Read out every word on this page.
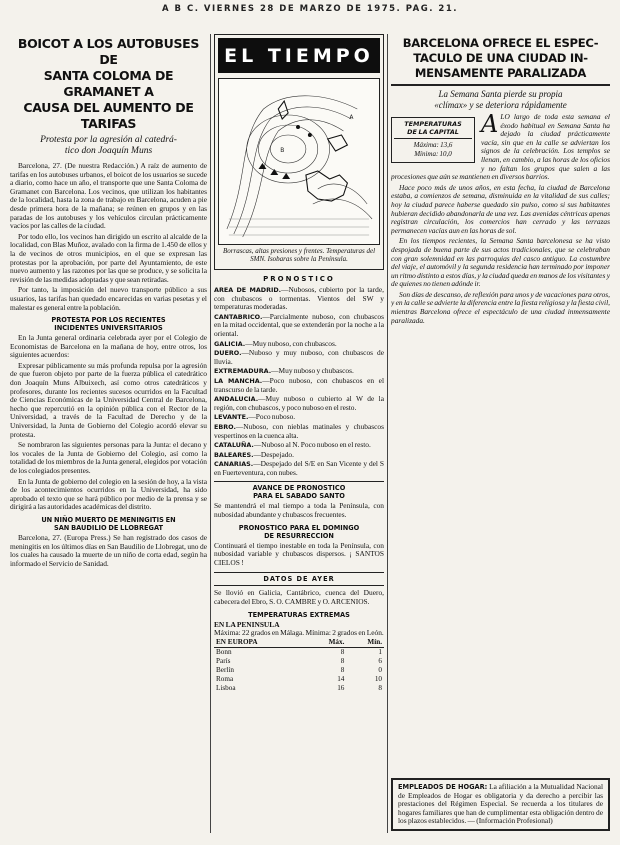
A B C. VIERNES 28 DE MARZO DE 1975. PAG. 21.
BOICOT A LOS AUTOBUSES DE
SANTA COLOMA DE GRAMANET A
CAUSA DEL AUMENTO DE TARIFAS
Protesta por la agresión al catedrá-
tico don Joaquín Muns

Barcelona, 27. (De nuestra Redacción.) A raíz de aumento de tarifas en los autobuses urbanos, el boicot de los usuarios se sucede a diario, como hace un año, el transporte que une Santa Coloma de Gramanet con Barcelona. Los vecinos, que utilizan los habitantes de la localidad, hasta la zona de trabajo en Barcelona, acuden a pie desde primera hora de la mañana; se reúnen en grupos y en las paradas de los autobuses y los vehículos circulan prácticamente vacíos por las calles de la ciudad.

Por todo ello, los vecinos han dirigido un escrito al alcalde de la localidad, con Blas Muñoz, avalado con la firma de 1.450 de ellos y la de vecinos de otros municipios, en el que se expresan las protestas por la aprobación, por parte del Ayuntamiento, de este nuevo aumento y las razones por las que se produce, y se solicita la revisión de las medidas adoptadas y que sean retiradas.

Por tanto, la imposición del nuevo transporte público a sus usuarios, las tarifas han quedado encarecidas en varias pesetas y el malestar es general entre la población.

PROTESTA POR LOS RECIENTES
INCIDENTES UNIVERSITARIOS

En la Junta general ordinaria celebrada ayer por el Colegio de Economistas de Barcelona en la mañana de hoy, entre otros, los siguientes acuerdos:

Expresar públicamente su más profunda repulsa por la agresión de que fueron objeto por parte de la fuerza pública el catedrático don Joaquín Muns Albuixech, así como otros catedráticos y profesores, durante los recientes sucesos ocurridos en la Facultad de Ciencias Económicas de la Universidad Central de Barcelona, hecho que repercutió en la opinión pública con el Rector de la Universidad, a través de la Facultad de Derecho y de la Universidad, la Junta de Gobierno del Colegio acordó elevar su protesta.

Se nombraron las siguientes personas para la Junta: el decano y los vocales de la Junta de Gobierno del Colegio, así como la totalidad de los miembros de la Junta general, elegidos por votación de los colegiados presentes.

En la Junta de gobierno del colegio en la sesión de hoy, a la vista de los acontecimientos ocurridos en la Universidad, ha sido aprobado el texto que se hará público por medio de la prensa y se dirigirá a las autoridades académicas del distrito.

UN NIÑO MUERTO DE MENINGITIS EN
SAN BAUDILIO DE LLOBREGAT

Barcelona, 27. (Europa Press.) Se han registrado dos casos de meningitis en los últimos días en San Baudilio de Llobregat, uno de los cuales ha causado la muerte de un niño de corta edad, según ha informado el Servicio de Sanidad.

EL TIEMPO
B
A
Borrascas, altas presiones y frentes. Temperaturas del SMN. Isobaras sobre la Península.
PRONOSTICO
AREA DE MADRID.—Nubosos, cubierto por la tarde, con chubascos o tormentas. Vientos del SW y temperaturas moderadas.
CANTABRICO.—Parcialmente nuboso, con chubascos en la mitad occidental, que se extenderán por la noche a la oriental.
GALICIA.—Muy nuboso, con chubascos.
DUERO.—Nuboso y muy nuboso, con chubascos de lluvia.
EXTREMADURA.—Muy nuboso y chubascos.
LA MANCHA.—Poco nuboso, con chubascos en el transcurso de la tarde.
ANDALUCIA.—Muy nuboso o cubierto al W de la región, con chubascos, y poco nuboso en el resto.
LEVANTE.—Poco nuboso.
EBRO.—Nuboso, con nieblas matinales y chubascos vespertinos en la cuenca alta.
CATALUÑA.—Nuboso al N. Poco nuboso en el resto.
BALEARES.—Despejado.
CANARIAS.—Despejado del S/E en San Vicente y del S en Fuerteventura, con nubes.
AVANCE DE PRONOSTICO
PARA EL SABADO SANTO
Se mantendrá el mal tiempo a toda la Península, con nubosidad abundante y chubascos frecuentes.
PRONOSTICO PARA EL DOMINGO
DE RESURRECCION
Continuará el tiempo inestable en toda la Península, con nubosidad variable y chubascos dispersos. ¡ SANTOS CIELOS !
DATOS DE AYER
Se llovió en Galicia, Cantábrico, cuenca del Duero, cabecera del Ebro, S. O. CAMBRE y O. ARCENIOS.
TEMPERATURAS EXTREMAS
EN LA PENINSULA
Máxima: 22 grados en Málaga. Mínima: 2 grados en León.
EN EUROPA	Máx.	Mín.
Bonn	8	1
París	8	6
Berlín	8	0
Roma	14	10
Lisboa	16	8
BARCELONA OFRECE EL ESPEC-
TACULO DE UNA CIUDAD IN-
MENSAMENTE PARALIZADA
La Semana Santa pierde su propia
«clímax» y se deteriora rápidamente
TEMPERATURAS
DE LA CAPITAL
Máxima: 13,6
Mínima: 10,0
A LO largo de toda esta semana el éxodo habitual en Semana Santa ha dejado la ciudad prácticamente vacía, sin que en la calle se adviertan los signos de la celebración. Los templos se llenan, en cambio, a las horas de los oficios y no faltan los grupos que salen a las procesiones que aún se mantienen en diversos barrios.

Hace poco más de unos años, en esta fecha, la ciudad de Barcelona estaba, a comienzos de semana, disminuida en la vitalidad de sus calles; hoy la ciudad parece haberse quedado sin pulso, como si sus habitantes hubieran decidido abandonarla de una vez. Las avenidas céntricas apenas registran circulación, los comercios han cerrado y las terrazas permanecen vacías aun en las horas de sol.

En los tiempos recientes, la Semana Santa barcelonesa se ha visto despojada de buena parte de sus actos tradicionales, que se celebraban con gran solemnidad en las parroquias del casco antiguo. La costumbre del viaje, el automóvil y la segunda residencia han terminado por imponer un ritmo distinto a estos días, y la ciudad queda en manos de los visitantes y de quienes no tienen adónde ir.

Son días de descanso, de reflexión para unos y de vacaciones para otros, y en la calle se advierte la diferencia entre la fiesta religiosa y la fiesta civil, mientras Barcelona ofrece el espectáculo de una ciudad inmensamente paralizada.

EMPLEADOS DE HOGAR: La afiliación a la Mutualidad Nacional de Empleados de Hogar es obligatoria y da derecho a percibir las prestaciones del Régimen Especial. Se recuerda a los titulares de hogares familiares que han de cumplimentar esta obligación dentro de los plazos establecidos. — (Información Profesional)
